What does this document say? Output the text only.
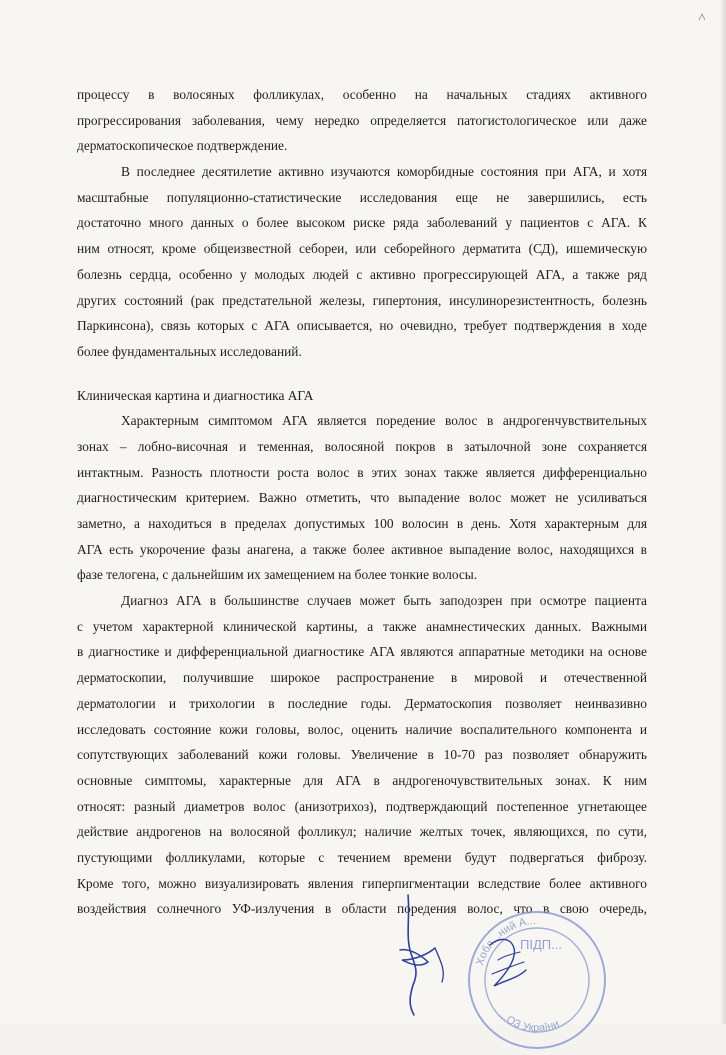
процессу в волосяных фолликулах, особенно на начальных стадиях активного
прогрессирования заболевания, чему нередко определяется патогистологическое или даже
дерматоскопическое подтверждение.
В последнее десятилетие активно изучаются коморбидные состояния при АГА, и хотя
масштабные популяционно-статистические исследования еще не завершились, есть
достаточно много данных о более высоком риске ряда заболеваний у пациентов с АГА. К
ним относят, кроме общеизвестной себореи, или себорейного дерматита (СД), ишемическую
болезнь сердца, особенно у молодых людей с активно прогрессирующей АГА, а также ряд
других состояний (рак предстательной железы, гипертония, инсулинорезистентность, болезнь
Паркинсона), связь которых с АГА описывается, но очевидно, требует подтверждения в ходе
более фундаментальных исследований.
Клиническая картина и диагностика АГА
Характерным симптомом АГА является поредение волос в андрогенчувствительных
зонах – лобно-височная и теменная, волосяной покров в затылочной зоне сохраняется
интактным. Разность плотности роста волос в этих зонах также является дифференциально
диагностическим критерием. Важно отметить, что выпадение волос может не усиливаться
заметно, а находиться в пределах допустимых 100 волосин в день. Хотя характерным для
АГА есть укорочение фазы анагена, а также более активное выпадение волос, находящихся в
фазе телогена, с дальнейшим их замещением на более тонкие волосы.
Диагноз АГА в большинстве случаев может быть заподозрен при осмотре пациента
с учетом характерной клинической картины, а также анамнестических данных. Важными
в диагностике и дифференциальной диагностике АГА являются аппаратные методики на основе
дерматоскопии, получившие широкое распространение в мировой и отечественной
дерматологии и трихологии в последние годы. Дерматоскопия позволяет неинвазивно
исследовать состояние кожи головы, волос, оценить наличие воспалительного компонента и
сопутствующих заболеваний кожи головы. Увеличение в 10-70 раз позволяет обнаружить
основные симптомы, характерные для АГА в андрогеночувствительных зонах. К ним
относят: разный диаметров волос (анизотрихоз), подтверждающий постепенное угнетающее
действие андрогенов на волосяной фолликул; наличие желтых точек, являющихся, по сути,
пустующими фолликулами, которые с течением времени будут подвергаться фиброзу.
Кроме того, можно визуализировать явления гиперпигментации вследствие более активного
воздействия солнечного УФ-излучения в области поредения волос, что в свою очередь,
Хобл...ний А...
ПІДП...
...ОЗ України
